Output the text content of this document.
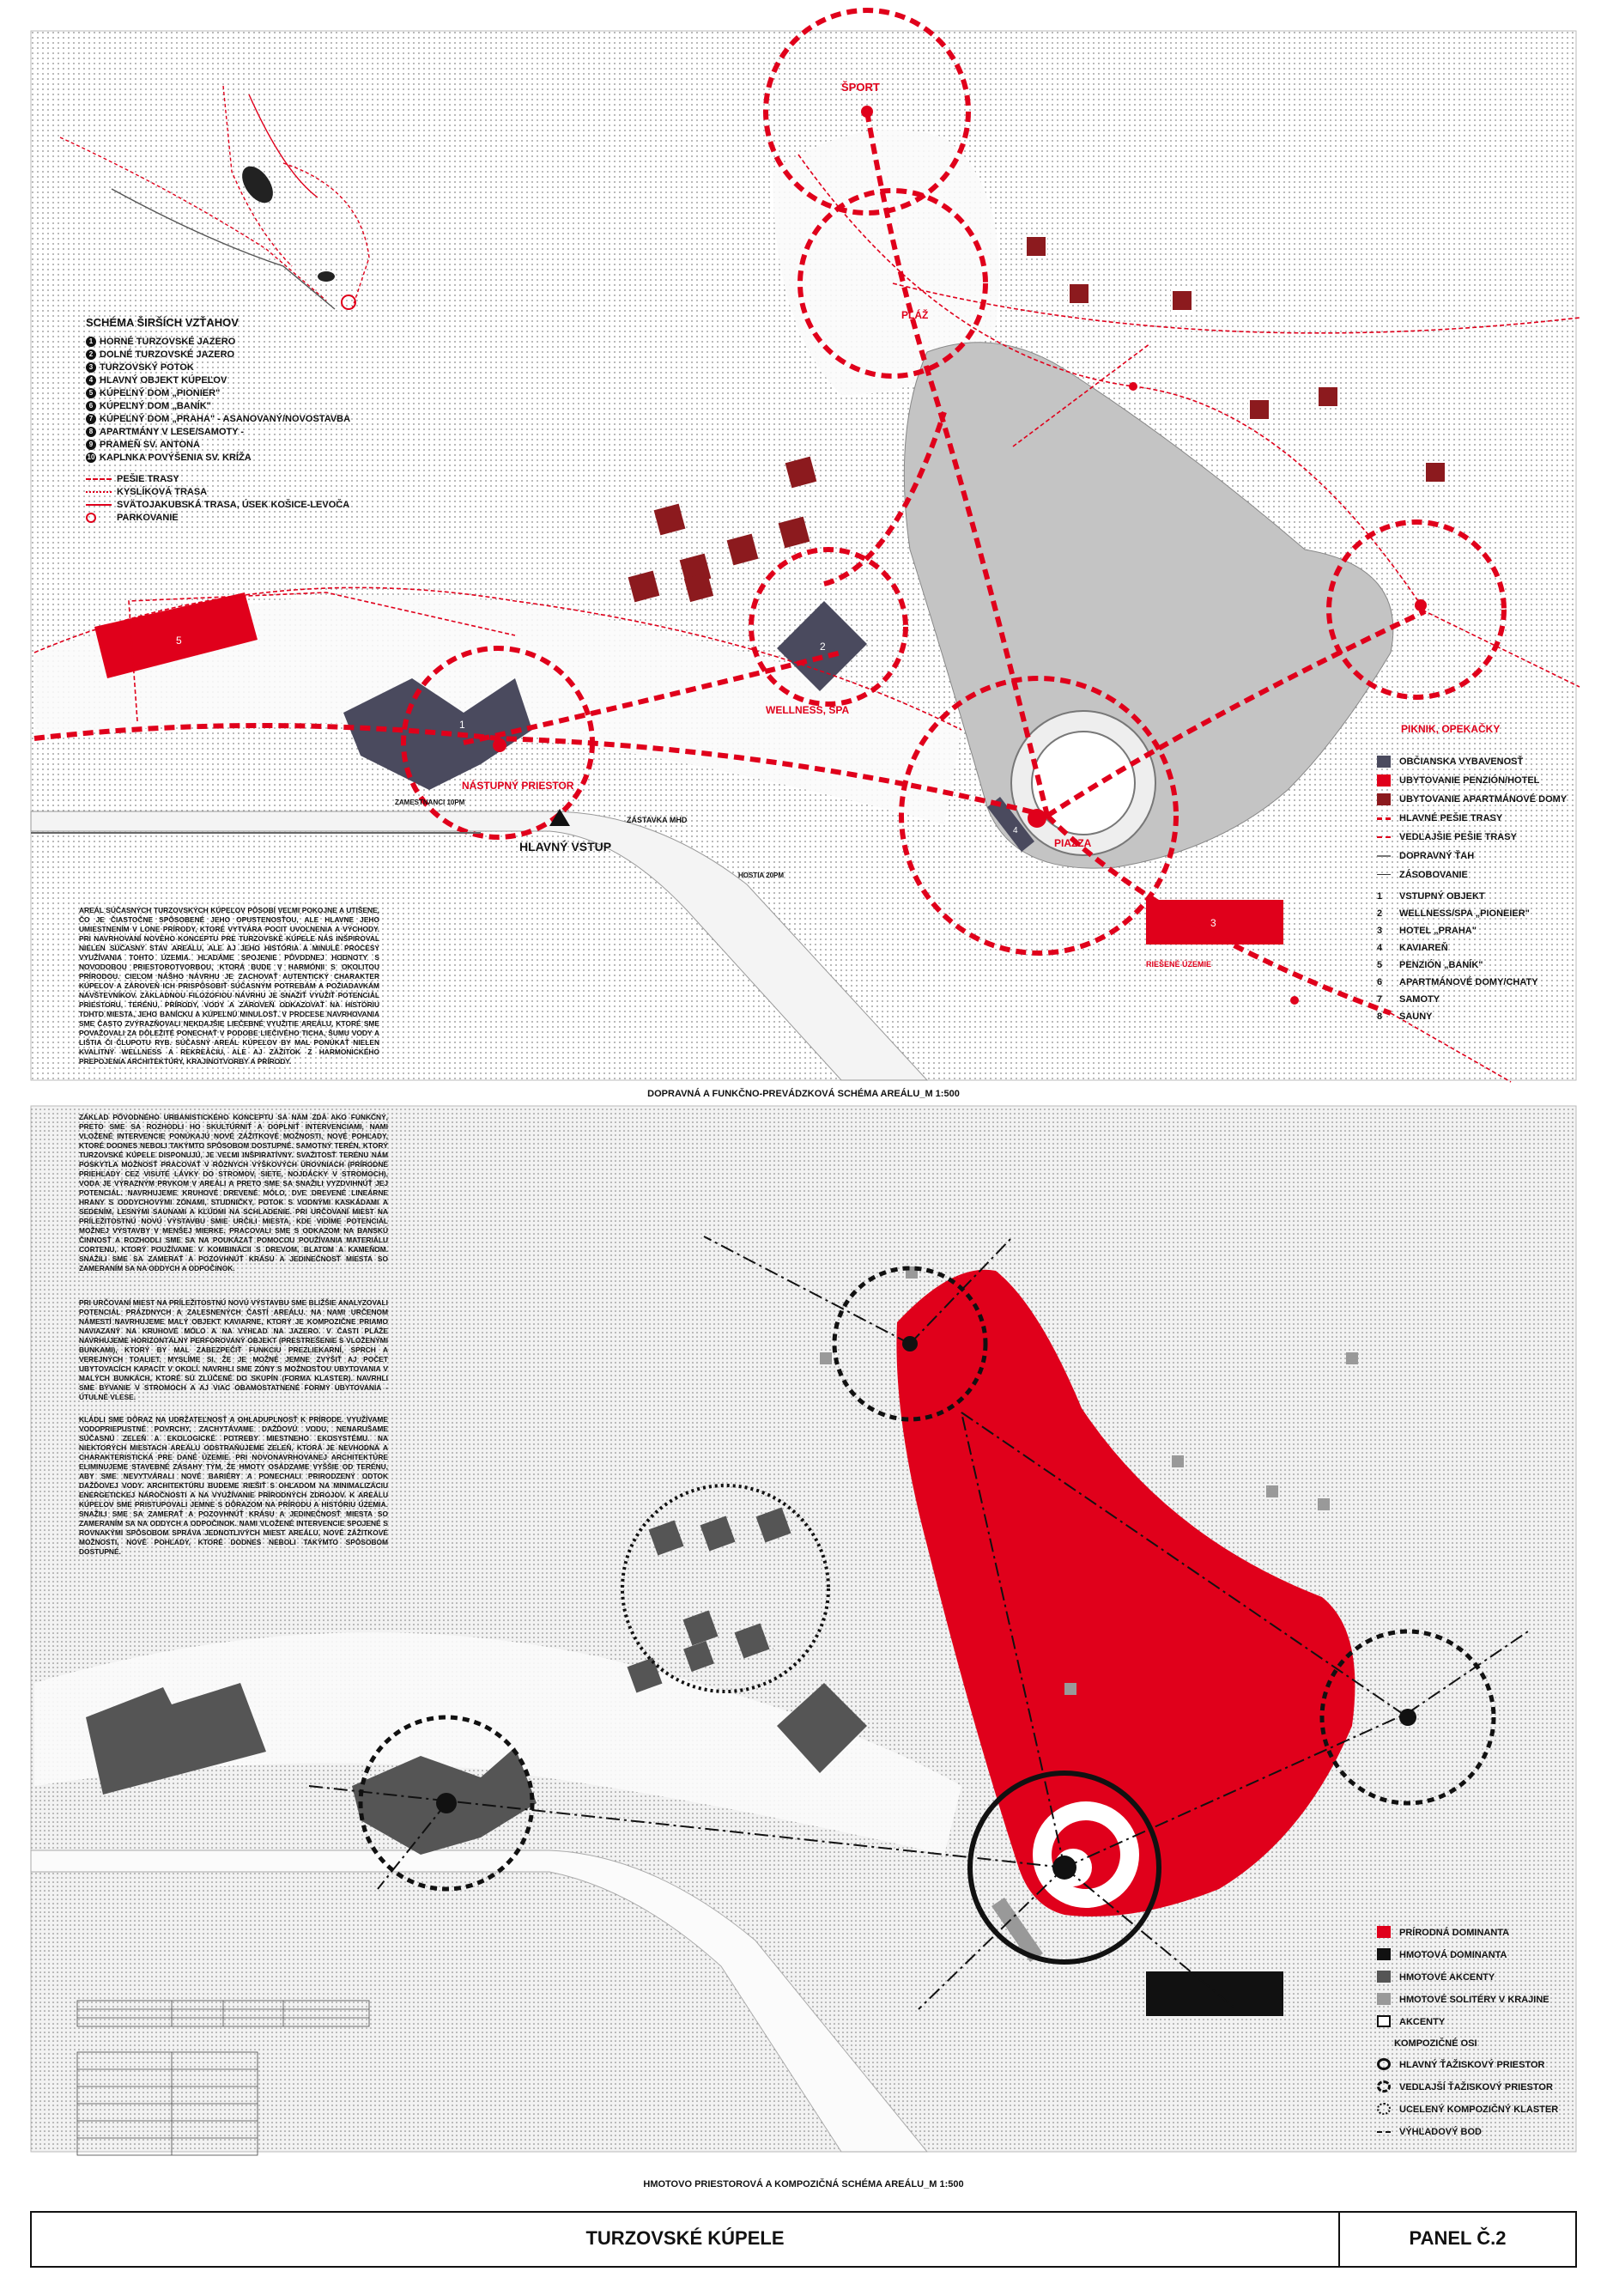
5
1
2
4
3
ŠPORT
PLÁŽ
WELLNESS, SPA
NÁSTUPNÝ PRIESTOR
PIAZZA
PIKNIK, OPEKAČKY
HLAVNÝ VSTUP
ZÁSTAVKA MHD
ZAMESTNANCI 10PM
HOSTIA 20PM
RIEŠENÉ ÚZEMIE
SCHÉMA ŠIRŠÍCH VZŤAHOV
1 HORNÉ TURZOVSKÉ JAZERO
2 DOLNÉ TURZOVSKÉ JAZERO
3 TURZOVSKÝ POTOK
4 HLAVNÝ OBJEKT KÚPEĽOV
5 KÚPEĽNÝ DOM „PIONIER"
6 KÚPEĽNÝ DOM „BANÍK"
7 KÚPEĽNÝ DOM „PRAHA" - ASANOVANÝ/NOVOSTAVBA
8 APARTMÁNY V LESE/SAMOTY -
9 PRAMEŇ SV. ANTONA
10 KAPLNKA POVÝŠENIA SV. KRÍŽA
PEŠIE TRASY
KYSLÍKOVÁ TRASA
SVÄTOJAKUBSKÁ TRASA, ÚSEK KOŠICE-LEVOČA
PARKOVANIE
OBČIANSKA VYBAVENOSŤ
UBYTOVANIE PENZIÓN/HOTEL
UBYTOVANIE APARTMÁNOVÉ DOMY
HLAVNÉ PEŠIE TRASY
VEDĽAJŠIE PEŠIE TRASY
DOPRAVNÝ ŤAH
ZÁSOBOVANIE
1 VSTUPNÝ OBJEKT
2 WELLNESS/SPA „PIONEIER"
3 HOTEL „PRAHA"
4 KAVIAREŇ
5 PENZIÓN „BANÍK"
6 APARTMÁNOVÉ DOMY/CHATY
7 SAMOTY
8 SAUNY
AREÁL SÚČASNÝCH TURZOVSKÝCH KÚPEĽOV PÔSOBÍ VEĽMI POKOJNE A UTIŠENE, ČO JE ČIASTOČNE SPÔSOBENÉ JEHO OPUSTENOSŤOU, ALE HLAVNE JEHO UMIESTNENÍM V LONE PRÍRODY, KTORÉ VYTVÁRA POCIT UVOĽNENIA A VÝCHODY. PRI NAVRHOVANÍ NOVÉHO KONCEPTU PRE TURZOVSKÉ KÚPELE NÁS INŠPIROVAL NIELEN SÚČASNÝ STAV AREÁLU, ALE AJ JEHO HISTÓRIA A MINULÉ PROCESY VYUŽÍVANIA TOHTO ÚZEMIA. HĽADÁME SPOJENIE PÔVODNEJ HODNOTY S NOVODOBOU PRIESTOROTVORBOU, KTORÁ BUDE V HARMÓNII S OKOLITOU PRÍRODOU. CIEĽOM NÁŠHO NÁVRHU JE ZACHOVAŤ AUTENTICKÝ CHARAKTER KÚPEĽOV A ZÁROVEŇ ICH PRISPÔSOBIŤ SÚČASNÝM POTREBÁM A POŽIADAVKÁM NÁVŠTEVNÍKOV. ZÁKLADNOU FILOZOFIOU NÁVRHU JE SNAŽIŤ VYUŽIŤ POTENCIÁL PRIESTORU, TERÉNU, PRÍRODY, VODY A ZÁROVEŇ ODKAZOVAŤ NA HISTÓRIU TOHTO MIESTA, JEHO BANÍCKU A KÚPEĽNÚ MINULOSŤ. V PROCESE NAVRHOVANIA SME ČASTO ZVÝRAZŇOVALI NEKDAJŠIE LIEČEBNÉ VYUŽITIE AREÁLU, KTORÉ SME POVAŽOVALI ZA DÔLEŽITÉ PONECHAŤ V PODOBE LIEČIVÉHO TICHA, ŠUMU VODY A LIŠTIA ČI ČLUPOTU RYB. SÚČASNÝ AREÁL KÚPEĽOV BY MAL PONÚKAŤ NIELEN KVALITNÝ WELLNESS A REKREÁCIU, ALE AJ ZÁŽITOK Z HARMONICKÉHO PREPOJENIA ARCHITEKTÚRY, KRAJINOTVORBY A PRÍRODY.
DOPRAVNÁ A FUNKČNO-PREVÁDZKOVÁ SCHÉMA AREÁLU_M 1:500
ZÁKLAD PÔVODNÉHO URBANISTICKÉHO KONCEPTU SA NÁM ZDÁ AKO FUNKČNÝ, PRETO SME SA ROZHODLI HO SKULTÚRNIŤ A DOPLNIŤ INTERVENCIAMI, NAMI VLOŽENÉ INTERVENCIE PONÚKAJÚ NOVÉ ZÁŽITKOVÉ MOŽNOSTI, NOVÉ POHĽADY, KTORÉ DOONES NEBOLI TAKÝMTO SPÔSOBOM DOSTUPNÉ. SAMOTNÝ TERÉN, KTORÝ TURZOVSKÉ KÚPELE DISPONUJÚ, JE VEĽMI INŠPIRATÍVNY. SVAŽITOSŤ TERÉNU NÁM POSKYTLA MOŽNOSŤ PRACOVAŤ V RÔZNYCH VÝŠKOVÝCH ÚROVNIACH (PRÍRODNÉ PRIEHĽADY CEZ VISUTÉ LÁVKY DO STROMOV, SIETE, NOJDÁCKY V STROMOCH), VODA JE VÝRAZNÝM PRVKOM V AREÁLI A PRETO SME SA SNAŽILI VYZDVIHNÚŤ JEJ POTENCIÁL. NAVRHUJEME KRUHOVÉ DREVENÉ MÓLO, DVE DREVENÉ LINEÁRNE HRANY S ODDYCHOVÝMI ZÓNAMI, STUDNIČKY, POTOK S VODNÝMI KASKÁDAMI A SEDENÍM, LESNÝMI SAUNAMI A KĽÚDMI NA SCHLADENIE. PRI URČOVANÍ MIEST NA PRÍLEŽITOSTNÚ NOVÚ VÝSTAVBU SMIE URČILI MIESTA, KDE VIDÍME POTENCIÁL MOŽNEJ VÝSTAVBY V MENŠEJ MIERKE. PRACOVALI SME S ODKAZOM NA BANSKÚ ČINNOSŤ A ROZHODLI SME SA NA POUKÁZAŤ POMOCOU POUŽÍVANIA MATERIÁLU CORTENU, KTORÝ POUŽÍVAME V KOMBINÁCII S DREVOM, BLATOM A KAMEŇOM. SNAŽILI SME SA ZAMERAŤ A POZOVHNÚŤ KRÁSU A JEDINEČNOSŤ MIESTA SO ZAMERANÍM SA NA ODDYCH A ODPOČINOK.
PRI URČOVANÍ MIEST NA PRÍLEŽITOSTNÚ NOVÚ VÝSTAVBU SME BLIŽŠIE ANALYZOVALI POTENCIÁL PRÁZDNYCH A ZALESNENÝCH ČASTÍ AREÁLU. NA NAMI URČENOM NÁMESTÍ NAVRHUJEME MALÝ OBJEKT KAVIARNE, KTORÝ JE KOMPOZIČNE PRIAMO NAVIAZANÝ NA KRUHOVÉ MÓLO A NA VÝHĽAD NA JAZERO. V ČASTI PLÁŽE NAVRHUJEME HORIZONTÁLNY PERFOROVANÝ OBJEKT (PRESTREŠENIE S VLOŽENÝMI BUNKAMI), KTORÝ BY MAL ZABEZPEČIŤ FUNKCIU PREZLIEKARNÍ, SPRCH A VEREJNÝCH TOALIET. MYSLÍME SI, ŽE JE MOŽNÉ JEMNE ZVÝŠIŤ AJ POČET UBYTOVACÍCH KAPACÍT V OKOLÍ. NAVRHLI SME ZÓNY S MOŽNOSŤOU UBYTOVANIA V MALÝCH BUNKÁCH, KTORÉ SÚ ZLÚČENÉ DO SKUPÍN (FORMA KLASTER). NAVRHLI SME BÝVANIE V STROMOCH A AJ VIAC OBAMOSTATNENÉ FORMY UBYTOVANIA - ÚTULNÉ VLESE.
KLÁDLI SME DÔRAZ NA UDRŽATEĽNOSŤ A OHLADUPLNOSŤ K PRÍRODE. VYUŽÍVAME VODOPRIEPUSTNÉ POVRCHY, ZACHYTÁVAME DAŽĎOVÚ VODU, NENARUŠAME SÚČASNÚ ZELEŇ A EKOLOGICKÉ POTREBY MIESTNEHO EKOSYSTÉMU. NA NIEKTORÝCH MIESTACH AREÁLU ODSTRAŇUJEME ZELEŇ, KTORÁ JE NEVHODNÁ A CHARAKTERISTICKÁ PRE DANÉ ÚZEMIE. PRI NOVONAVRHOVANEJ ARCHITEKTÚRE ELIMINUJEME STAVEBNÉ ZÁSAHY TÝM, ŽE HMOTY OSÁDZAME VYŠŠIE OD TERÉNU, ABY SME NEVYTVÁRALI NOVÉ BARIÉRY A PONECHALI PRIRODZENÝ ODTOK DAŽĎOVEJ VODY. ARCHITEKTÚRU BUDEME RIEŠIŤ S OHĽADOM NA MINIMALIZÁCIU ENERGETICKEJ NÁROČNOSTI A NA VYUŽÍVANIE PRÍRODNÝCH ZDROJOV. K AREÁLU KÚPEĽOV SME PRISTUPOVALI JEMNE S DÔRAZOM NA PRÍRODU A HISTÓRIU ÚZEMIA. SNAŽILI SME SA ZAMERAŤ A POZOVHNÚŤ KRÁSU A JEDINEČNOSŤ MIESTA SO ZAMERANÍM SA NA ODDYCH A ODPOČINOK. NAMI VLOŽENÉ INTERVENCIE SPOJENÉ S ROVNAKÝMI SPÔSOBOM SPRÁVA JEDNOTLIVÝCH MIEST AREÁLU, NOVÉ ZÁŽITKOVÉ MOŽNOSTI, NOVÉ POHĽADY, KTORÉ DODNES NEBOLI TAKÝMTO SPÔSOBOM DOSTUPNÉ.
PRÍRODNÁ DOMINANTA
HMOTOVÁ DOMINANTA
HMOTOVÉ AKCENTY
HMOTOVÉ SOLITÉRY V KRAJINE
AKCENTY
KOMPOZIČNÉ OSI
HLAVNÝ ŤAŽISKOVÝ PRIESTOR
VEDĽAJŠÍ ŤAŽISKOVÝ PRIESTOR
UCELENÝ KOMPOZIČNÝ KLASTER
VÝHĽADOVÝ BOD
HMOTOVO PRIESTOROVÁ A KOMPOZIČNÁ SCHÉMA AREÁLU_M 1:500
TURZOVSKÉ KÚPELE	PANEL Č.2
